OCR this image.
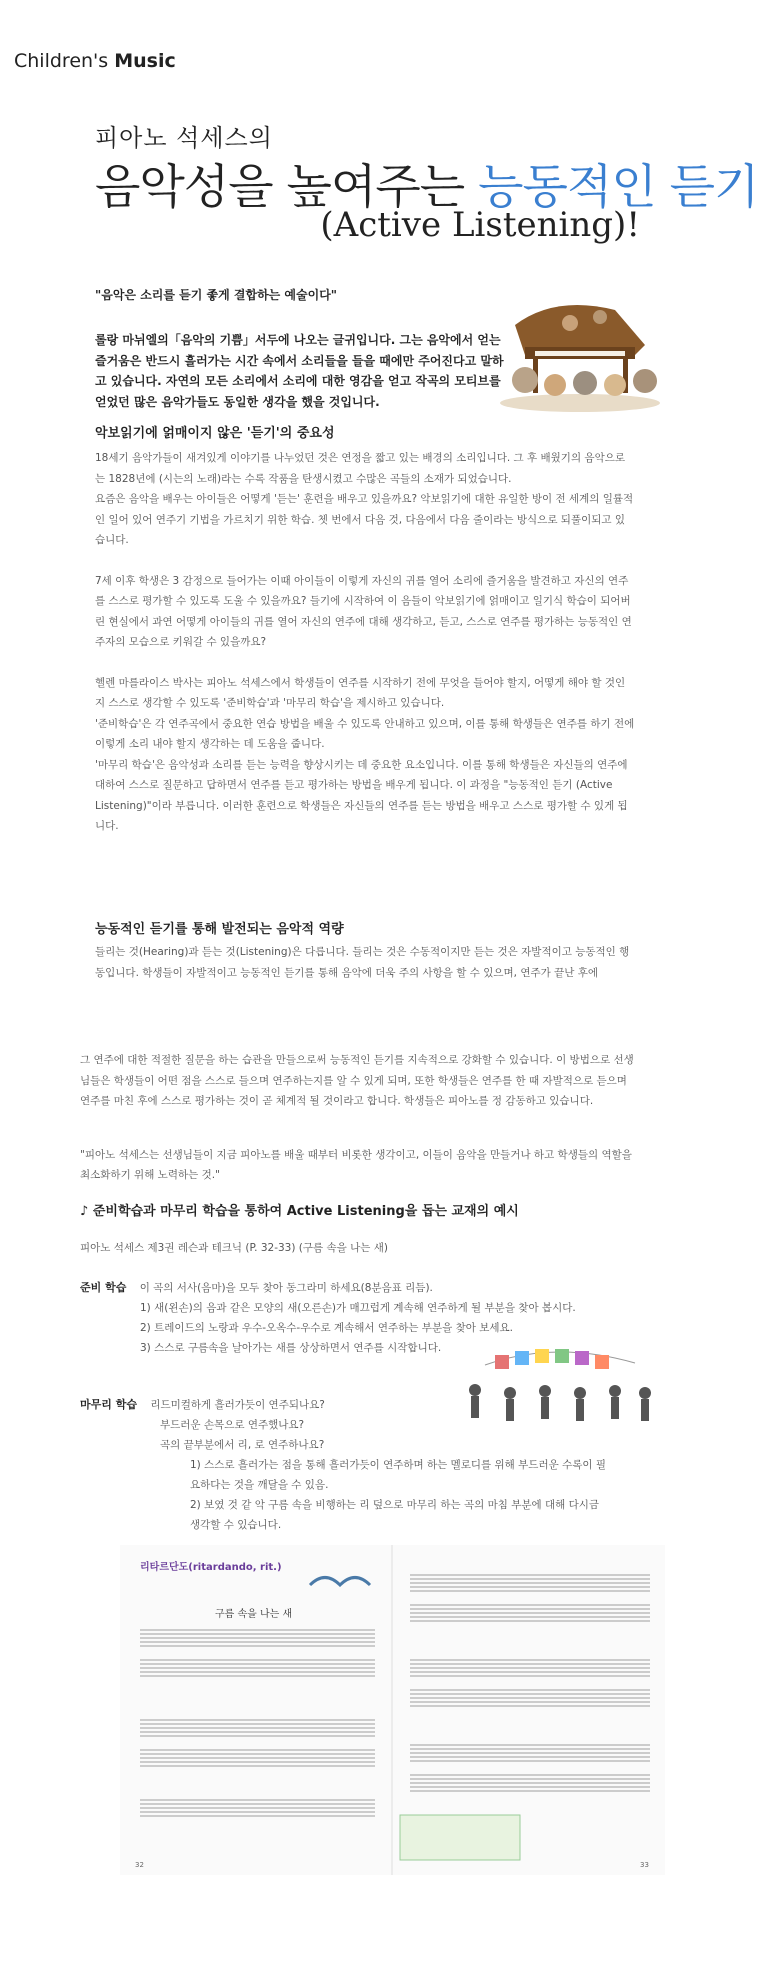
Children's Music
피아노 석세스의
음악성을 높여주는 능동적인 듣기
(Active Listening)!
"음악은 소리를 듣기 좋게 결합하는 예술이다"
롤랑 마뉘엘의「음악의 기쁨」서두에 나오는 글귀입니다. 그는 음악에서 얻는 즐거움은 반드시 흘러가는 시간 속에서 소리들을 들을 때에만 주어진다고 말하고 있습니다. 자연의 모든 소리에서 소리에 대한 영감을 얻고 작곡의 모티브를 얻었던 많은 음악가들도 동일한 생각을 했을 것입니다.
악보읽기에 얽매이지 않은 '듣기'의 중요성

18세기 음악가들이 새겨있게 이야기를 나누었던 것은 연정을 짧고 있는 배경의 소리입니다. 그 후 배웠기의 음악으로는 1828년에 (시는의 노래)라는 수록 작품을 탄생시켰고 수많은 곡들의 소재가 되었습니다.

요즘은 음악을 배우는 아이들은 어떻게 '듣는' 훈련을 배우고 있을까요? 악보읽기에 대한 유일한 방이 전 세계의 일률적인 일어 있어 연주기 기법을 가르치기 위한 학습. 쳇 번에서 다음 것, 다음에서 다음 줄이라는 방식으로 되풀이되고 있습니다.

7세 이후 학생은 3 감정으로 들어가는 이때 아이들이 이렇게 자신의 귀를 열어 소리에 즐거움을 발견하고 자신의 연주를 스스로 평가할 수 있도록 도울 수 있을까요? 들기에 시작하여 이 음들이 악보읽기에 얽매이고 일기식 학습이 되어버린 현실에서 과연 어떻게 아이들의 귀를 열어 자신의 연주에 대해 생각하고, 듣고, 스스로 연주를 평가하는 능동적인 연주자의 모습으로 키워갈 수 있을까요?

헬렌 마를라이스 박사는 피아노 석세스에서 학생들이 연주를 시작하기 전에 무엇을 들어야 할지, 어떻게 해야 할 것인지 스스로 생각할 수 있도록 '준비학습'과 '마무리 학습'을 제시하고 있습니다.

'준비학습'은 각 연주곡에서 중요한 연습 방법을 배울 수 있도록 안내하고 있으며, 이를 통해 학생들은 연주를 하기 전에 이렇게 소리 내야 할지 생각하는 데 도움을 줍니다.

'마무리 학습'은 음악성과 소리를 듣는 능력을 향상시키는 데 중요한 요소입니다. 이를 통해 학생들은 자신들의 연주에 대하여 스스로 질문하고 답하면서 연주를 듣고 평가하는 방법을 배우게 됩니다. 이 과정을 "능동적인 듣기 (Active Listening)"이라 부릅니다. 이러한 훈련으로 학생들은 자신들의 연주를 듣는 방법을 배우고 스스로 평가할 수 있게 됩니다.

능동적인 듣기를 통해 발전되는 음악적 역량
들리는 것(Hearing)과 듣는 것(Listening)은 다릅니다. 들리는 것은 수동적이지만 듣는 것은 자발적이고 능동적인 행동입니다. 학생들이 자발적이고 능동적인 듣기를 통해 음악에 더욱 주의 사항을 할 수 있으며, 연주가 끝난 후에
그 연주에 대한 적절한 질문을 하는 습관을 만들으로써 능동적인 듣기를 지속적으로 강화할 수 있습니다. 이 방법으로 선생님들은 학생들이 어떤 점을 스스로 들으며 연주하는지를 알 수 있게 되며, 또한 학생들은 연주를 한 때 자발적으로 듣으며 연주를 마친 후에 스스로 평가하는 것이 곧 체계적 될 것이라고 합니다. 학생들은 피아노를 정 감동하고 있습니다.
"피아노 석세스는 선생님들이 지금 피아노를 배울 때부터 비롯한 생각이고, 이들이 음악을 만들거나 하고 학생들의 역할을 최소화하기 위해 노력하는 것."
♪ 준비학습과 마무리 학습을 통하여 Active Listening을 돕는 교재의 예시
피아노 석세스 제3권 레슨과 테크닉 (P. 32-33) (구름 속을 나는 새)
준비 학습 이 곡의 서사(음마)을 모두 찾아 동그라미 하세요(8분음표 리듬).
1) 새(왼손)의 음과 같은 모양의 새(오른손)가 매끄럽게 계속해 연주하게 될 부분을 찾아 봅시다.
2) 트레이드의 노랑과 우수-오옥수-우수로 계속해서 연주하는 부분을 찾아 보세요.
3) 스스로 구름속을 날아가는 새를 상상하면서 연주를 시작합니다.
마무리 학습 리드미컬하게 흘러가듯이 연주되나요?
부드러운 손목으로 연주했나요?
곡의 끝부분에서 리, 로 연주하나요?
1) 스스로 흘러가는 점을 통해 흘러가듯이 연주하며 하는 멜로디를 위해 부드러운 수록이 필요하다는 것을 깨달을 수 있음.
2) 보였 것 같 악 구름 속을 비행하는 리 덮으로 마무리 하는 곡의 마침 부분에 대해 다시금 생각할 수 있습니다.
리타르단도(ritardando, rit.)
구름 속을 나는 새
32	33
